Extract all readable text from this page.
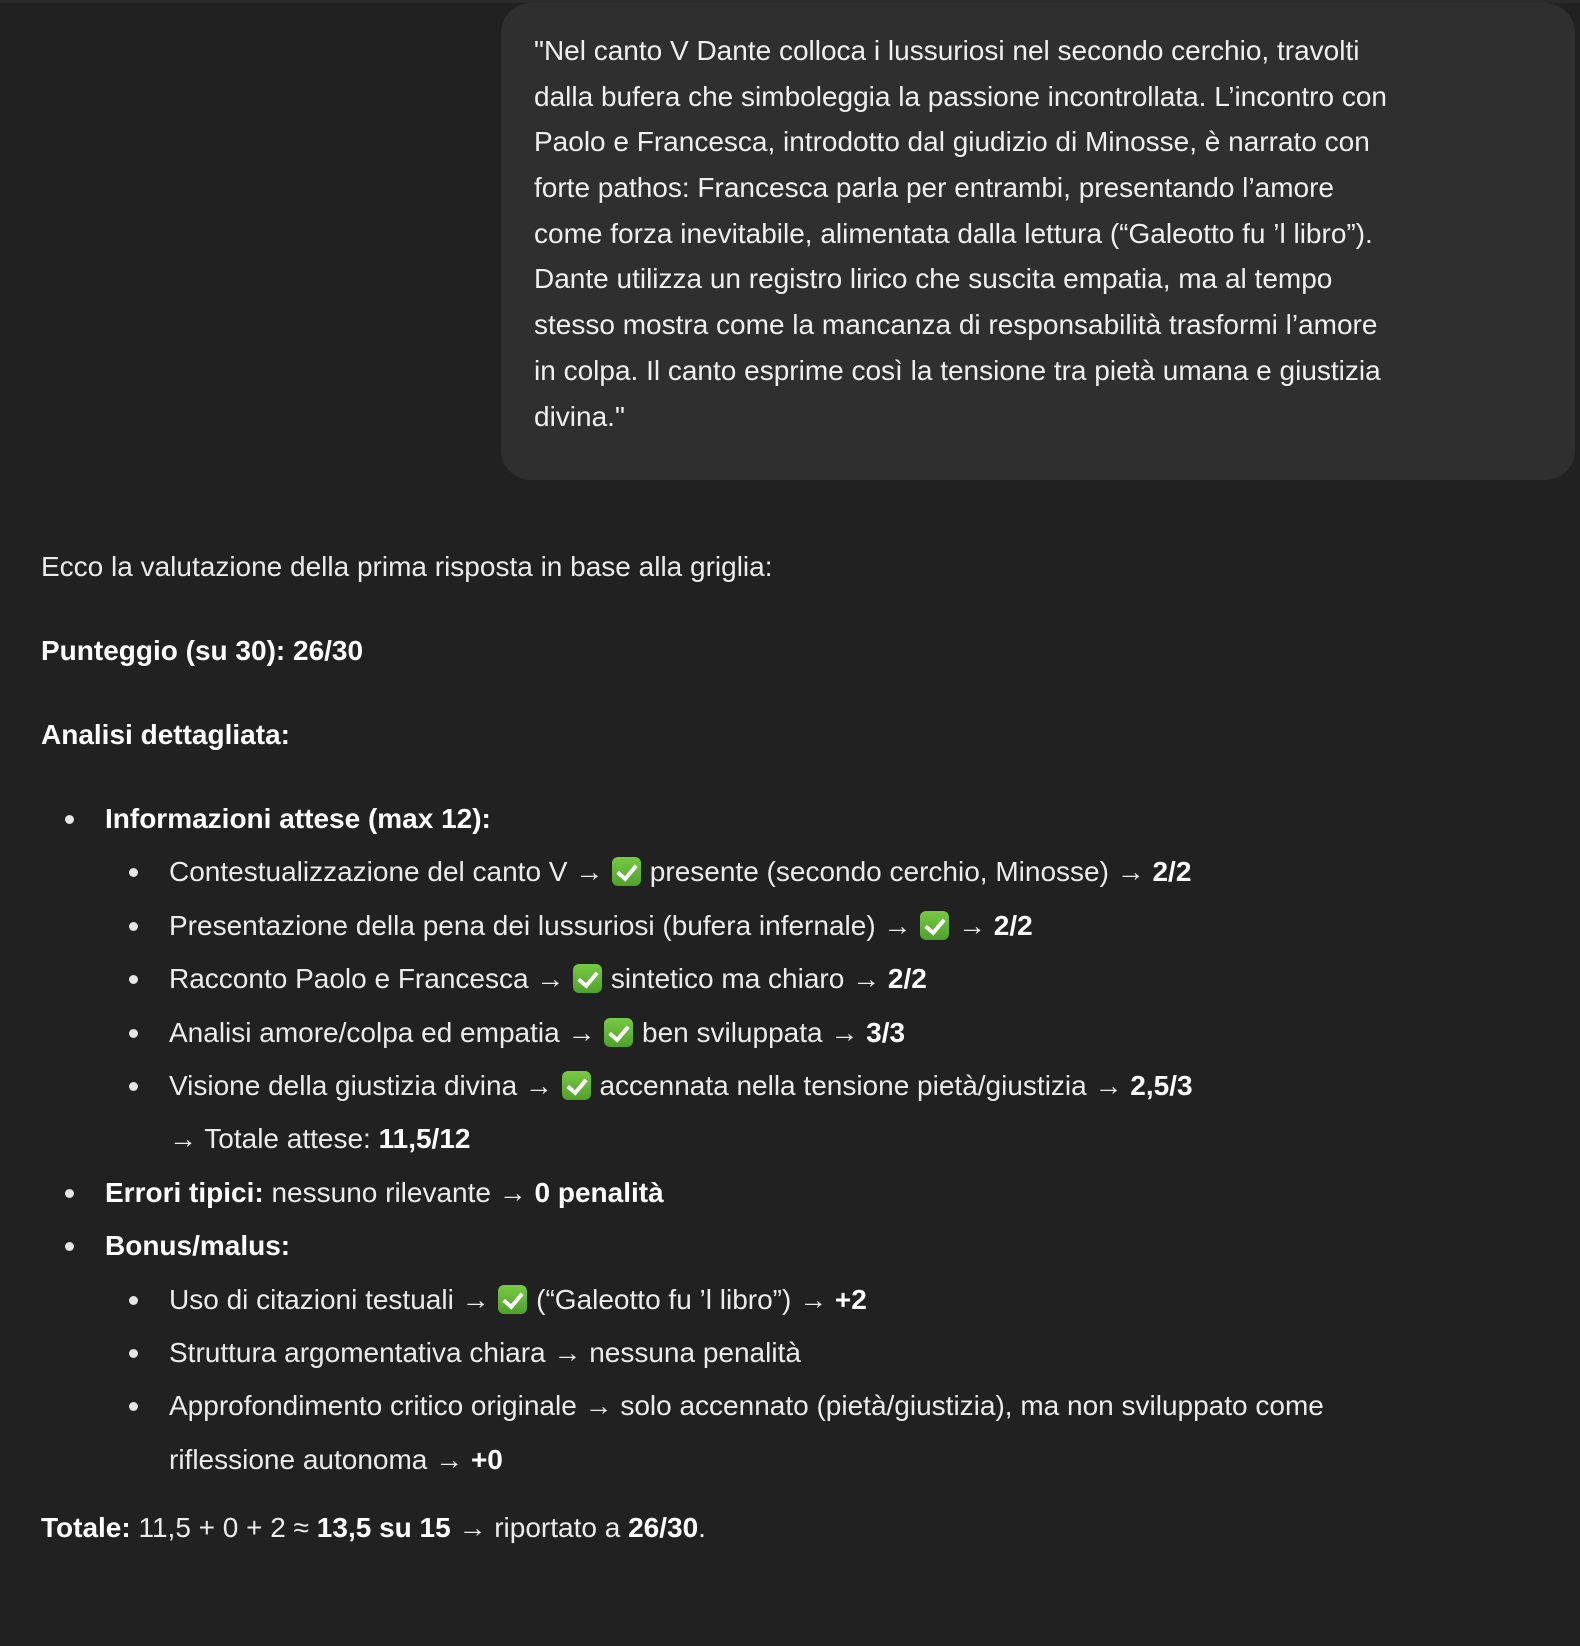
"Nel canto V Dante colloca i lussuriosi nel secondo cerchio, travolti
dalla bufera che simboleggia la passione incontrollata. L’incontro con
Paolo e Francesca, introdotto dal giudizio di Minosse, è narrato con
forte pathos: Francesca parla per entrambi, presentando l’amore
come forza inevitabile, alimentata dalla lettura (“Galeotto fu ’l libro”).
Dante utilizza un registro lirico che suscita empatia, ma al tempo
stesso mostra come la mancanza di responsabilità trasformi l’amore
in colpa. Il canto esprime così la tensione tra pietà umana e giustizia
divina."
Ecco la valutazione della prima risposta in base alla griglia:
Punteggio (su 30): 26/30
Analisi dettagliata:
Informazioni attese (max 12):
Contestualizzazione del canto V →  presente (secondo cerchio, Minosse) → 2/2
Presentazione della pena dei lussuriosi (bufera infernale) →  → 2/2
Racconto Paolo e Francesca →  sintetico ma chiaro → 2/2
Analisi amore/colpa ed empatia →  ben sviluppata → 3/3
Visione della giustizia divina →  accennata nella tensione pietà/giustizia → 2,5/3
→ Totale attese: 11,5/12
Errori tipici: nessuno rilevante → 0 penalità
Bonus/malus:
Uso di citazioni testuali →  (“Galeotto fu ’l libro”) → +2
Struttura argomentativa chiara → nessuna penalità
Approfondimento critico originale → solo accennato (pietà/giustizia), ma non sviluppato come
riflessione autonoma → +0
Totale: 11,5 + 0 + 2 ≈ 13,5 su 15 → riportato a 26/30.
